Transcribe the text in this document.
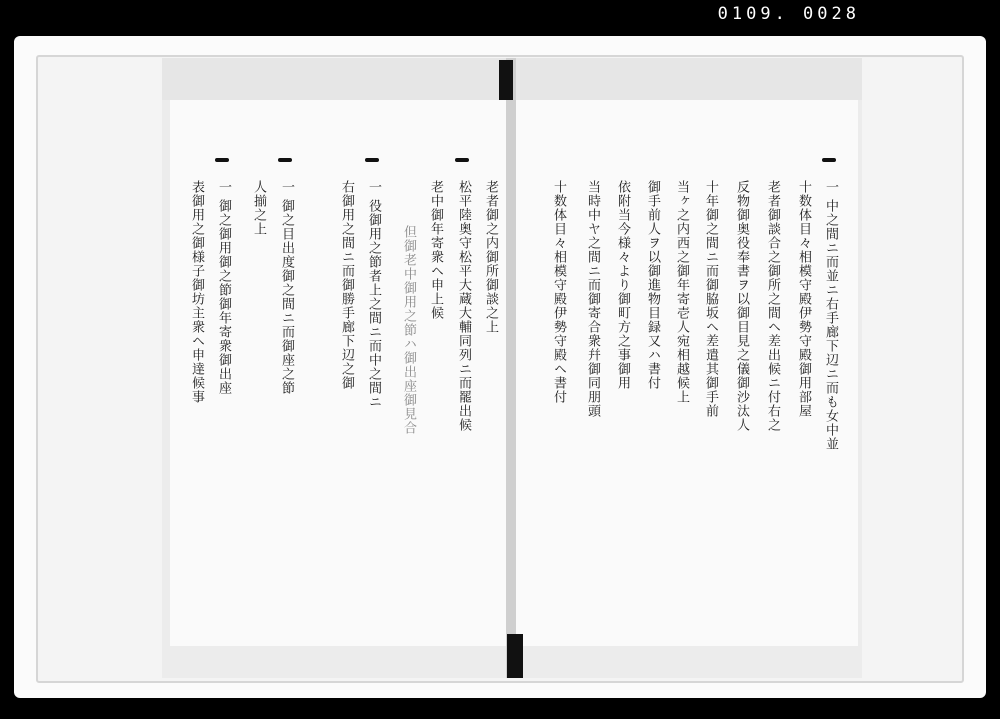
0109. 0028
一 中之間ニ而並ニ右手廊下辺ニ而も女中並
十数体目々相模守殿伊勢守殿御用部屋
老者御談合之御所之間ヘ差出候ニ付右之
反物御奥役奉書ヲ以御目見之儀御沙汰人
十年御之間ニ而御脇坂ヘ差遣其御手前
当ヶ之内西之御年寄壱人宛相越候上
御手前人ヲ以御進物目録又ハ書付
依附当今様々より御町方之事御用
当時中ヤ之間ニ而御寄合衆幷御同朋頭
十数体目々相模守殿伊勢守殿ヘ書付
老者御之内御所御談之上
松平陸奥守松平大蔵大輔同列ニ而罷出候
老中御年寄衆ヘ申上候
但御老中御用之節ハ御出座御見合
一 役御用之節者上之間ニ而中之間ニ
右御用之間ニ而御勝手廊下辺之御
一 御之目出度御之間ニ而御座之節
人揃之上
一 御之御用御之節御年寄衆御出座
表御用之御様子御坊主衆ヘ申達候事
